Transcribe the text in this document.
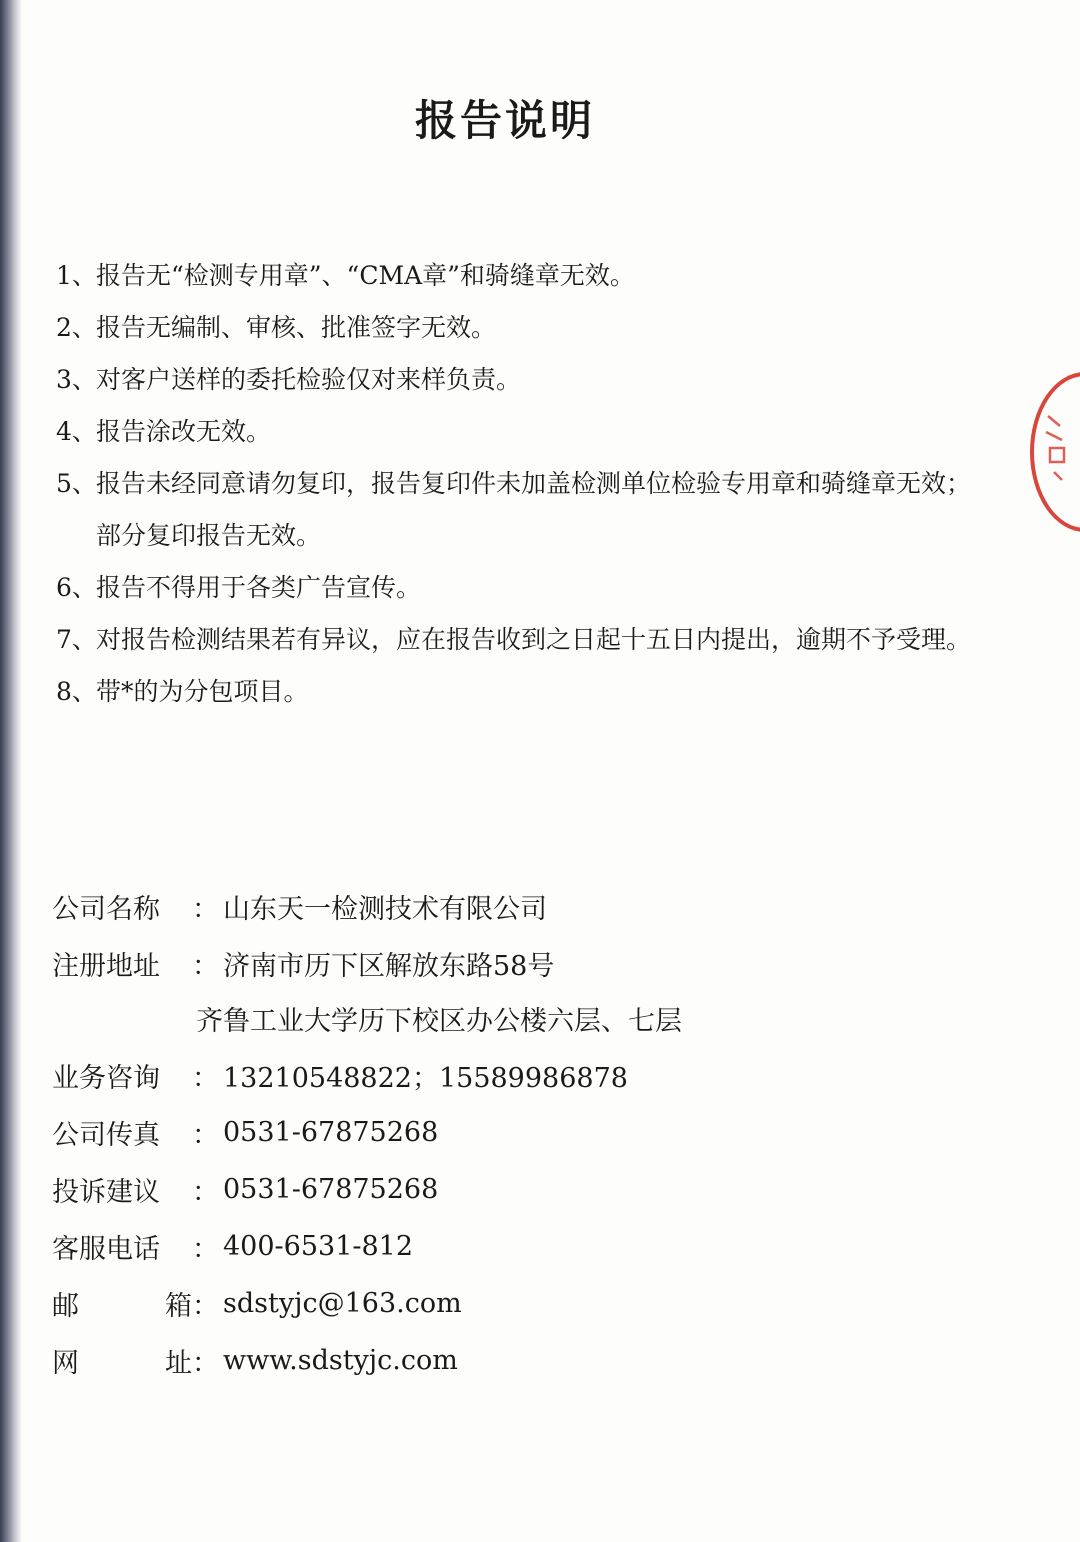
报告说明
1、 报告无“检测专用章”、“CMA章”和骑缝章无效。
2、 报告无编制、审核、批准签字无效。
3、 对客户送样的委托检验仅对来样负责。
4、 报告涂改无效。
5、 报告未经同意请勿复印，报告复印件未加盖检测单位检验专用章和骑缝章无效；部分复印报告无效。
6、 报告不得用于各类广告宣传。
7、 对报告检测结果若有异议，应在报告收到之日起十五日内提出，逾期不予受理。
8、 带*的为分包项目。
公司名称	： 山东天一检测技术有限公司
注册地址	： 济南市历下区解放东路58号
齐鲁工业大学历下校区办公楼六层、七层
业务咨询	： 13210548822；15589986878
公司传真	： 0531-67875268
投诉建议	： 0531-67875268
客服电话	： 400-6531-812
邮	箱 ： sdstyjc@163.com
网	址 ： www.sdstyjc.com
